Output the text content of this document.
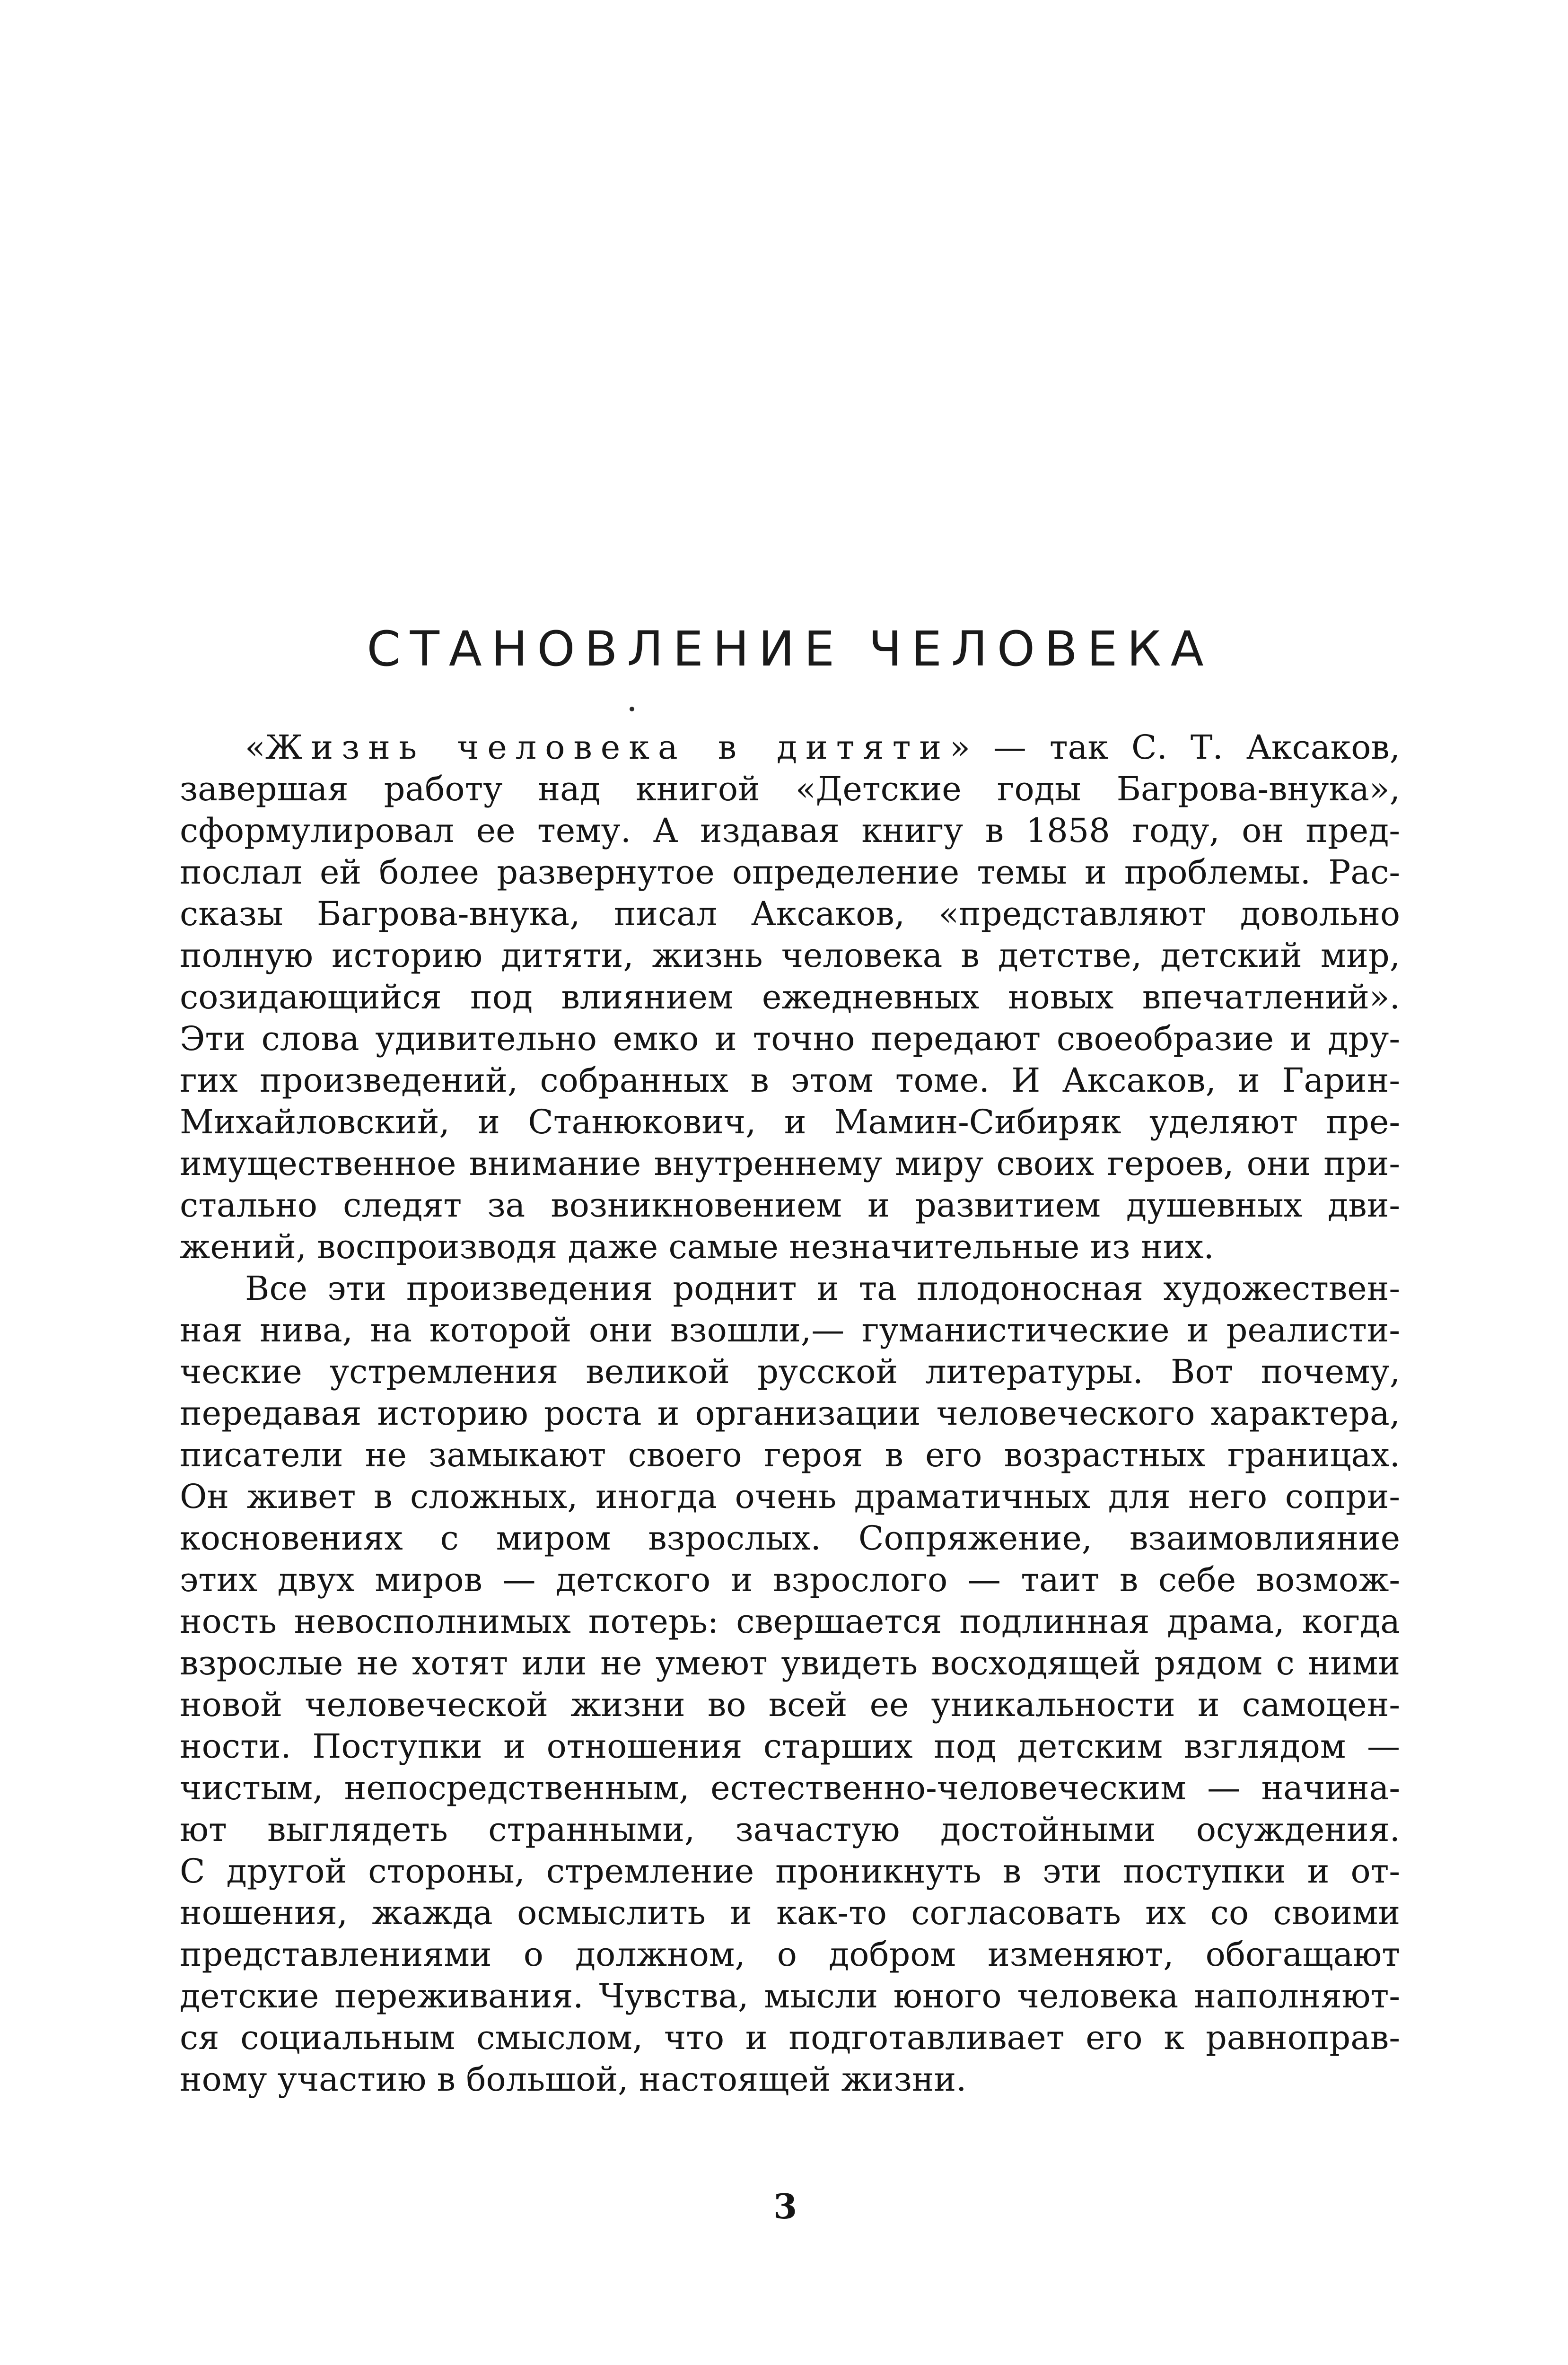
СТАНОВЛЕНИЕ ЧЕЛОВЕКА
«Жизнь человека в дитяти» — так С. Т. Аксаков,
завершая работу над книгой «Детские годы Багрова-внука»,
сформулировал ее тему. А издавая книгу в 1858 году, он пред-
послал ей более развернутое определение темы и проблемы. Рас-
сказы Багрова-внука, писал Аксаков, «представляют довольно
полную историю дитяти, жизнь человека в детстве, детский мир,
созидающийся под влиянием ежедневных новых впечатлений».
Эти слова удивительно емко и точно передают своеобразие и дру-
гих произведений, собранных в этом томе. И Аксаков, и Гарин-
Михайловский, и Станюкович, и Мамин-Сибиряк уделяют пре-
имущественное внимание внутреннему миру своих героев, они при-
стально следят за возникновением и развитием душевных дви-
жений, воспроизводя даже самые незначительные из них.
Все эти произведения роднит и та плодоносная художествен-
ная нива, на которой они взошли,— гуманистические и реалисти-
ческие устремления великой русской литературы. Вот почему,
передавая историю роста и организации человеческого характера,
писатели не замыкают своего героя в его возрастных границах.
Он живет в сложных, иногда очень драматичных для него сопри-
косновениях с миром взрослых. Сопряжение, взаимовлияние
этих двух миров — детского и взрослого — таит в себе возмож-
ность невосполнимых потерь: свершается подлинная драма, когда
взрослые не хотят или не умеют увидеть восходящей рядом с ними
новой человеческой жизни во всей ее уникальности и самоцен-
ности. Поступки и отношения старших под детским взглядом —
чистым, непосредственным, естественно-человеческим — начина-
ют выглядеть странными, зачастую достойными осуждения.
С другой стороны, стремление проникнуть в эти поступки и от-
ношения, жажда осмыслить и как-то согласовать их со своими
представлениями о должном, о добром изменяют, обогащают
детские переживания. Чувства, мысли юного человека наполняют-
ся социальным смыслом, что и подготавливает его к равноправ-
ному участию в большой, настоящей жизни.
3
